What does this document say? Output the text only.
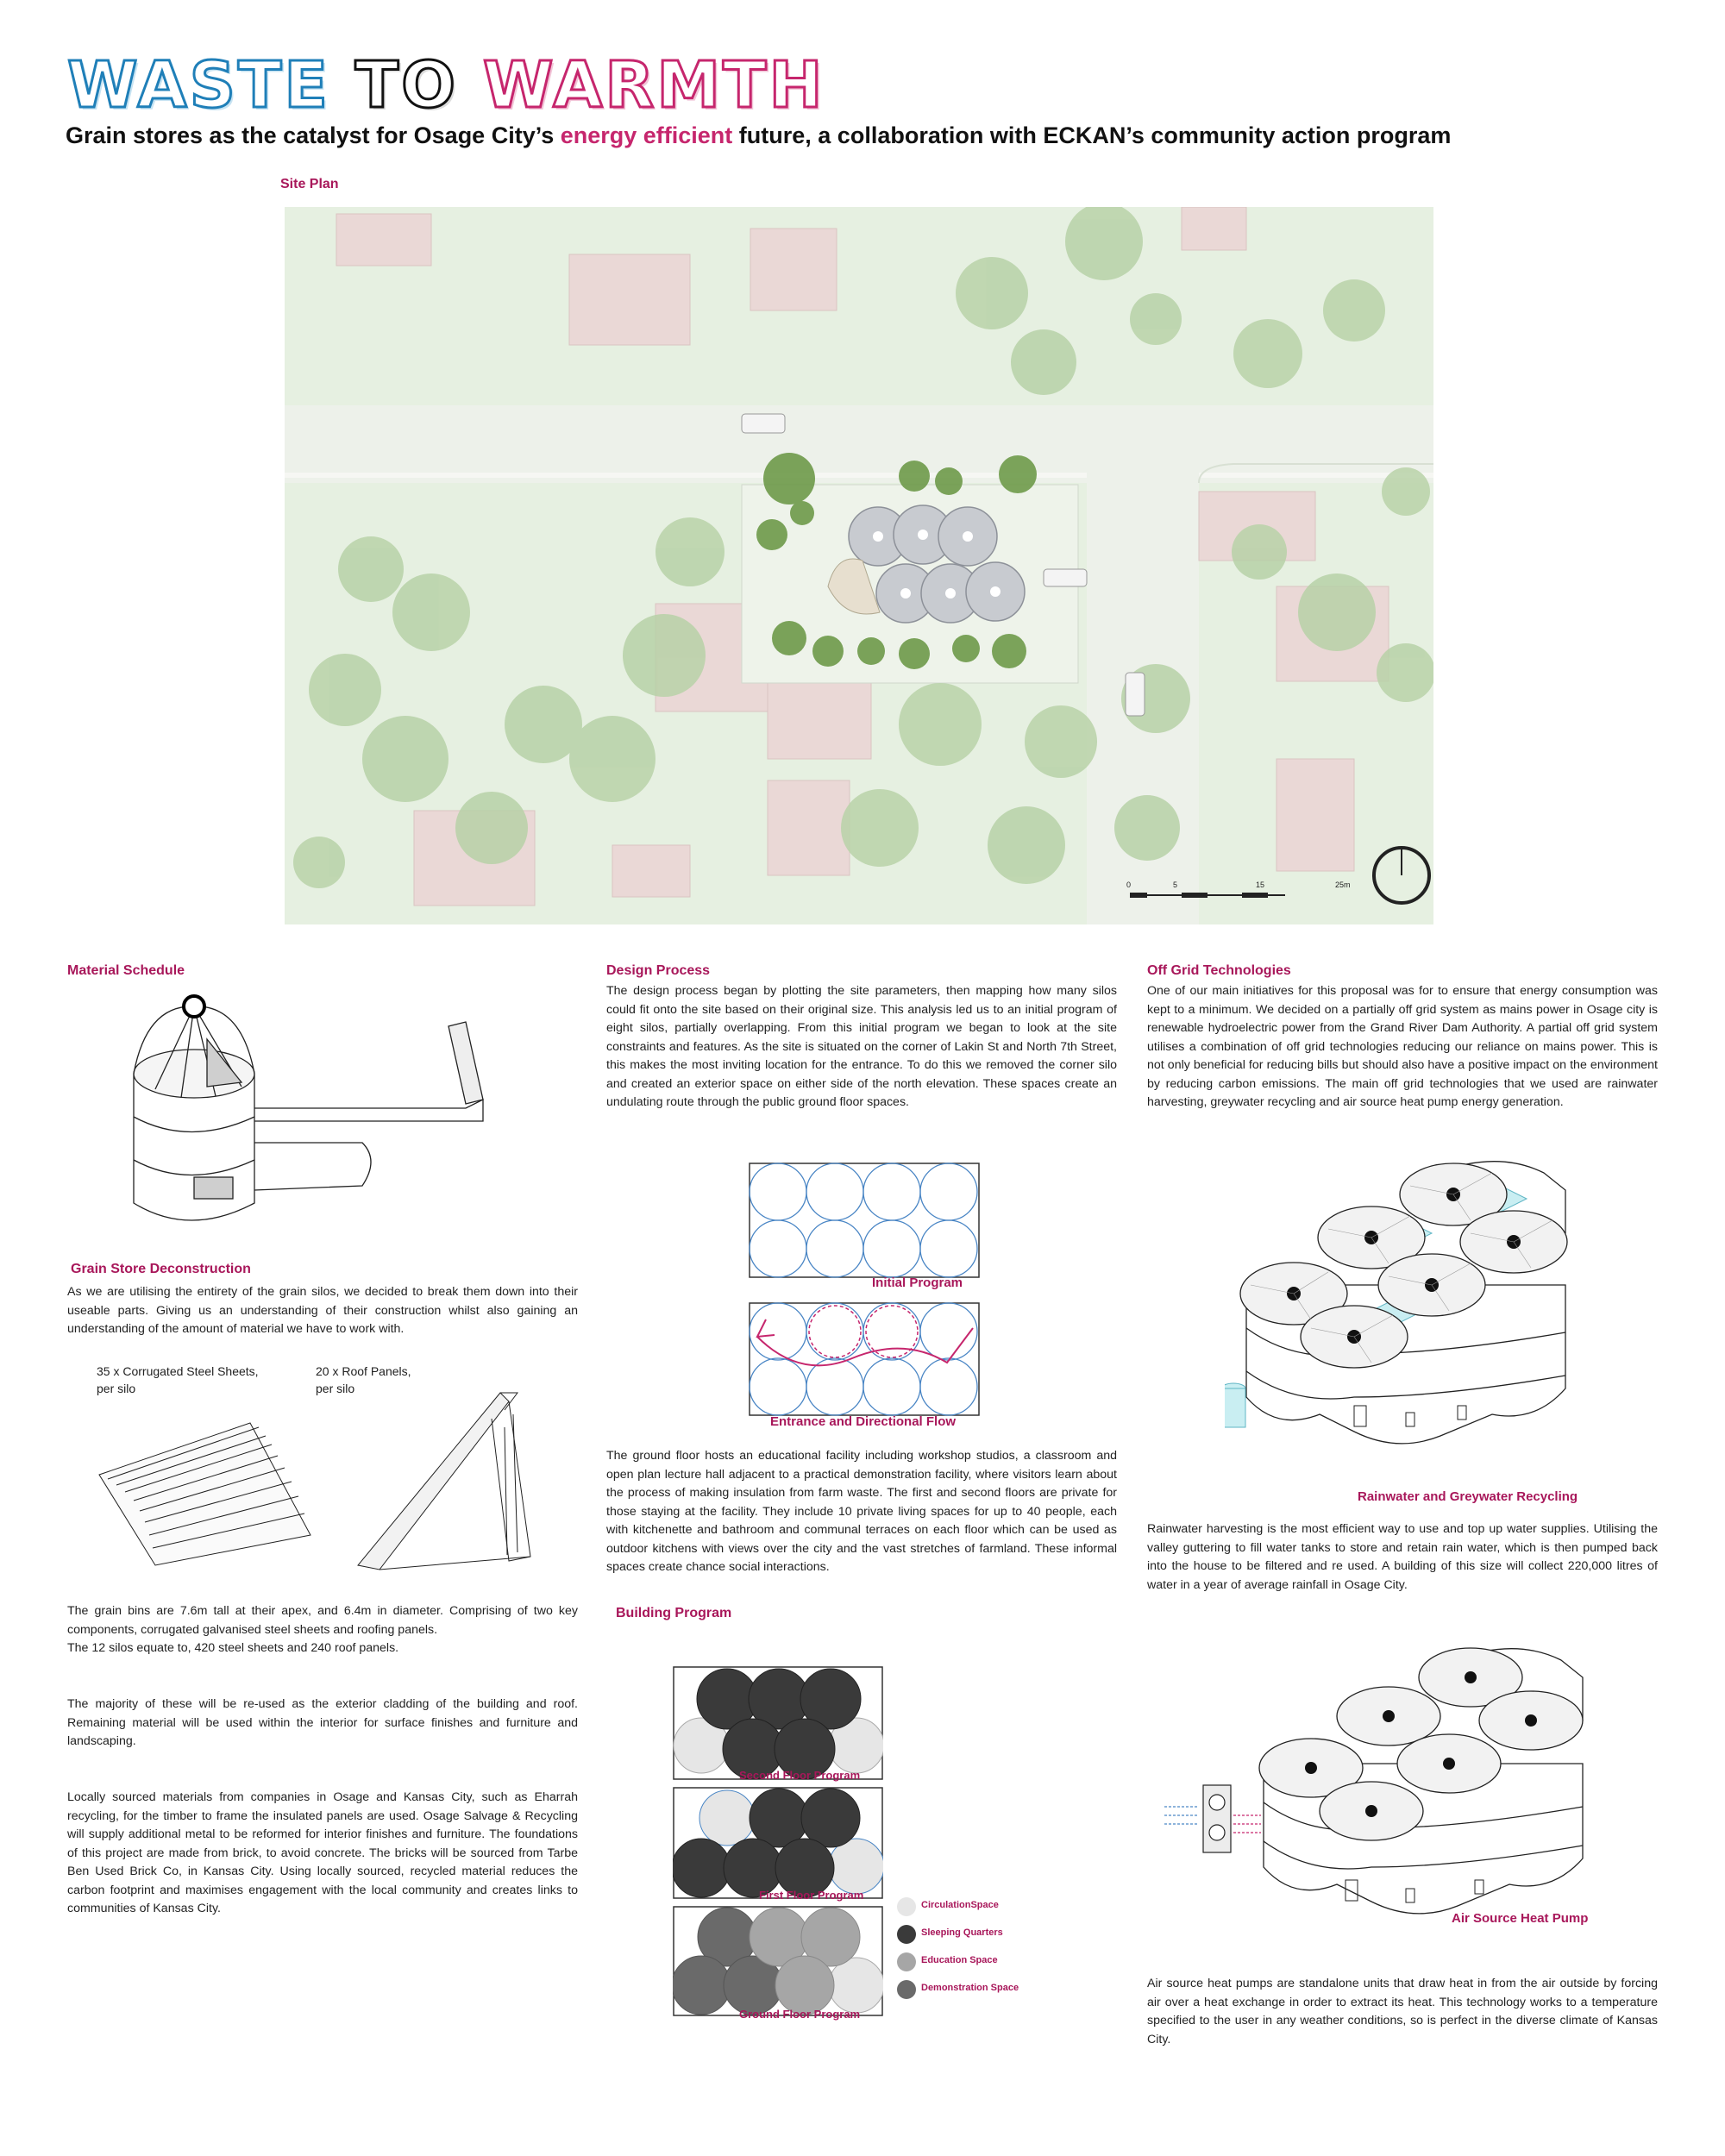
WASTE TO WARMTH
Grain stores as the catalyst for Osage City’s energy efficient future, a collaboration with ECKAN’s community action program
Site Plan
0	5	15	25m
Material Schedule
Grain Store Deconstruction
As we are utilising the entirety of the grain silos, we decided to break them down into their useable parts. Giving us an understanding of their construction whilst also gaining an understanding of the amount of material we have to work with.
35 x Corrugated Steel Sheets,
per silo
20 x Roof Panels,
per silo
The grain bins are 7.6m tall at their apex, and 6.4m in diameter. Comprising of two key components, corrugated galvanised steel sheets and roofing panels.
The 12 silos equate to, 420 steel sheets and 240 roof panels.
The majority of these will be re-used as the exterior cladding of the building and roof. Remaining material will be used within the interior for surface finishes and furniture and landscaping.
Locally sourced materials from companies in Osage and Kansas City, such as Eharrah recycling, for the timber to frame the insulated panels are used. Osage Salvage & Recycling will supply additional metal to be reformed for interior finishes and furniture. The foundations of this project are made from brick, to avoid concrete. The bricks will be sourced from Tarbe Ben Used Brick Co, in Kansas City. Using locally sourced, recycled material reduces the carbon footprint and maximises engagement with the local community and creates links to communities of Kansas City.
Design Process
The design process began by plotting the site parameters, then mapping how many silos could fit onto the site based on their original size. This analysis led us to an initial program of eight silos, partially overlapping. From this initial program we began to look at the site constraints and features. As the site is situated on the corner of Lakin St and North 7th Street, this makes the most inviting location for the entrance. To do this we removed the corner silo and created an exterior space on either side of the north elevation. These spaces create an undulating route through the public ground floor spaces.
Initial Program
Entrance and Directional Flow
The ground floor hosts an educational facility including workshop studios, a classroom and open plan lecture hall adjacent to a practical demonstration facility, where visitors learn about the process of making insulation from farm waste. The first and second floors are private for those staying at the facility. They include 10 private living spaces for up to 40 people, each with kitchenette and bathroom and communal terraces on each floor which can be used as outdoor kitchens with views over the city and the vast stretches of farmland. These informal spaces create chance social interactions.
Building Program
Second Floor Program
First Floor Program
Ground Floor Program
CirculationSpace
Sleeping Quarters
Education Space
Demonstration Space
Off Grid Technologies
One of our main initiatives for this proposal was for to ensure that energy consumption was kept to a minimum. We decided on a partially off grid system as mains power in Osage city is renewable hydroelectric power from the Grand River Dam Authority. A partial off grid system utilises a combination of off grid technologies reducing our reliance on mains power. This is not only beneficial for reducing bills but should also have a positive impact on the environment by reducing carbon emissions. The main off grid technologies that we used are rainwater harvesting, greywater recycling and air source heat pump energy generation.
Rainwater and Greywater Recycling
Rainwater harvesting is the most efficient way to use and top up water supplies. Utilising the valley guttering to fill water tanks to store and retain rain water, which is then pumped back into the house to be filtered and re used. A building of this size will collect 220,000 litres of water in a year of average rainfall in Osage City.
Air Source Heat Pump
Air source heat pumps are standalone units that draw heat in from the air outside by forcing air over a heat exchange in order to extract its heat. This technology works to a temperature specified to the user in any weather conditions, so is perfect in the diverse climate of Kansas City.
